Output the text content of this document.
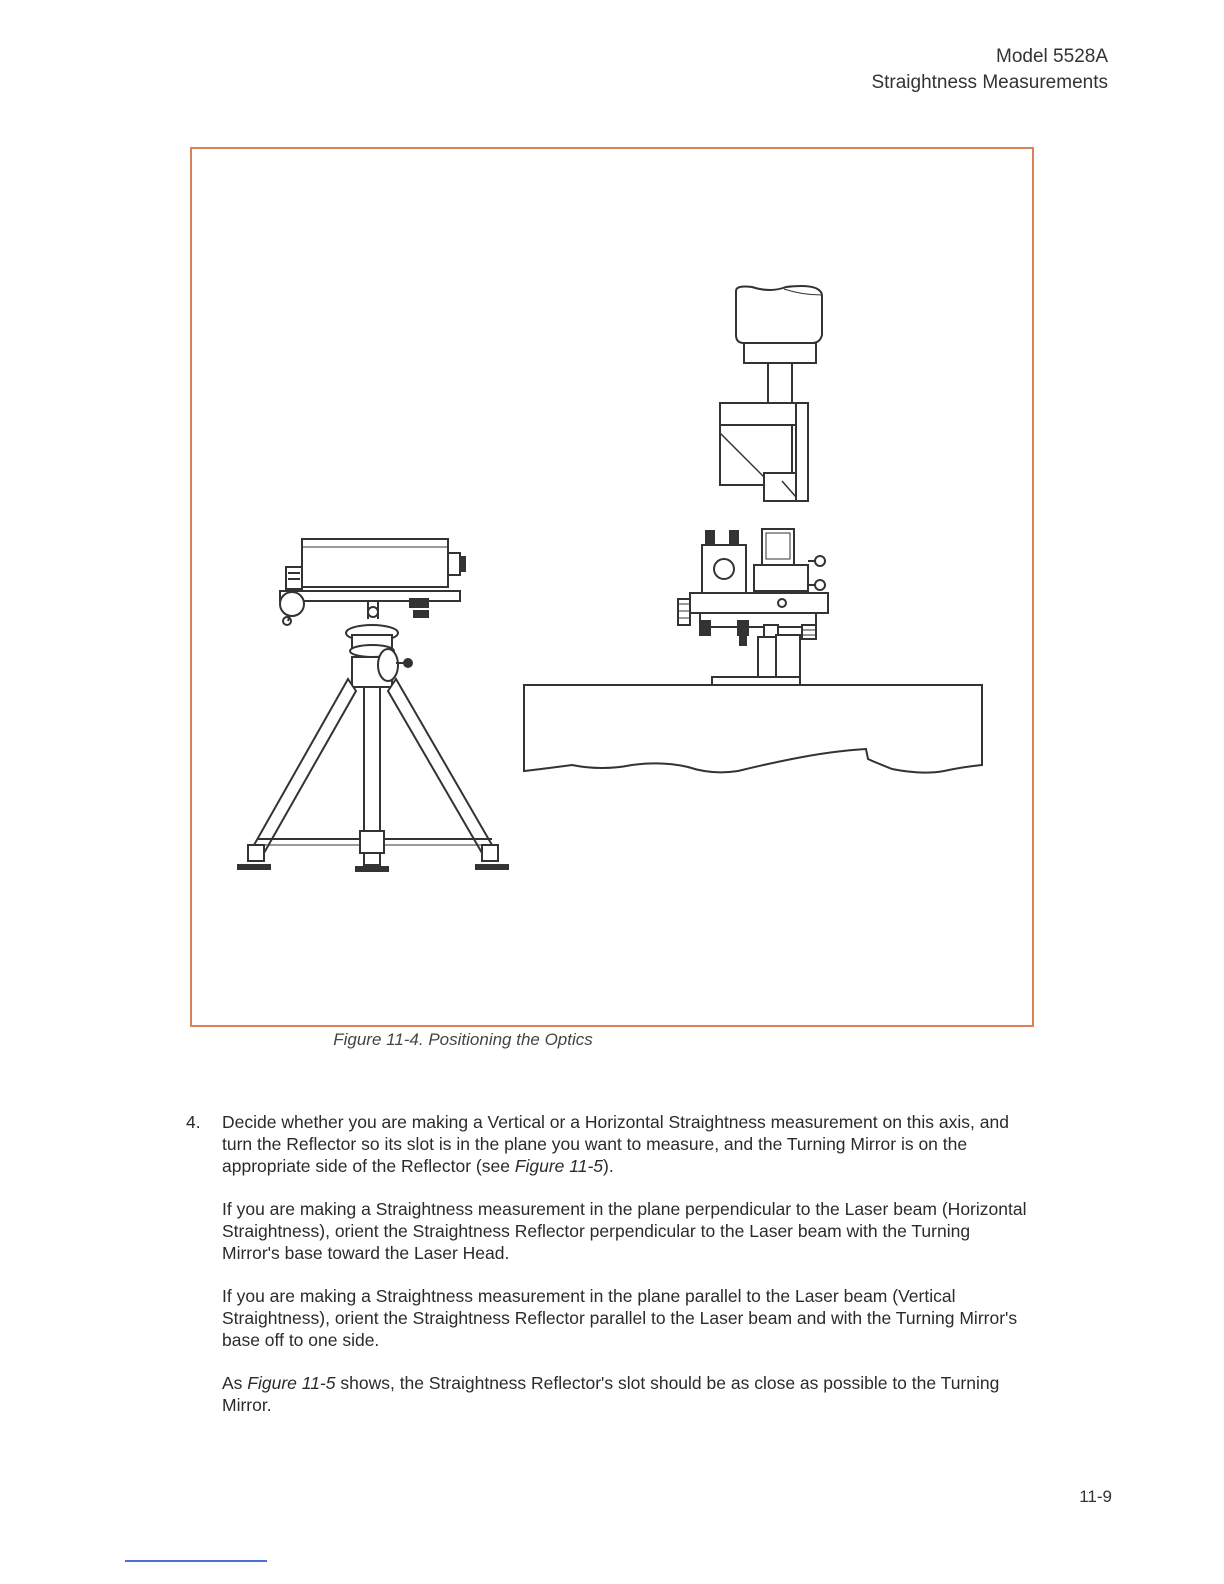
Model 5528A
Straightness Measurements
Figure 11-4. Positioning the Optics

4. Decide whether you are making a Vertical or a Horizontal Straightness measurement on this axis, and turn the Reflector so its slot is in the plane you want to measure, and the Turning Mirror is on the appropriate side of the Reflector (see Figure 11-5).

If you are making a Straightness measurement in the plane perpendicular to the Laser beam (Horizontal Straightness), orient the Straightness Reflector perpendicular to the Laser beam with the Turning Mirror's base toward the Laser Head.

If you are making a Straightness measurement in the plane parallel to the Laser beam (Vertical Straightness), orient the Straightness Reflector parallel to the Laser beam and with the Turning Mirror's base off to one side.

As Figure 11-5 shows, the Straightness Reflector's slot should be as close as possible to the Turning Mirror.

11-9
